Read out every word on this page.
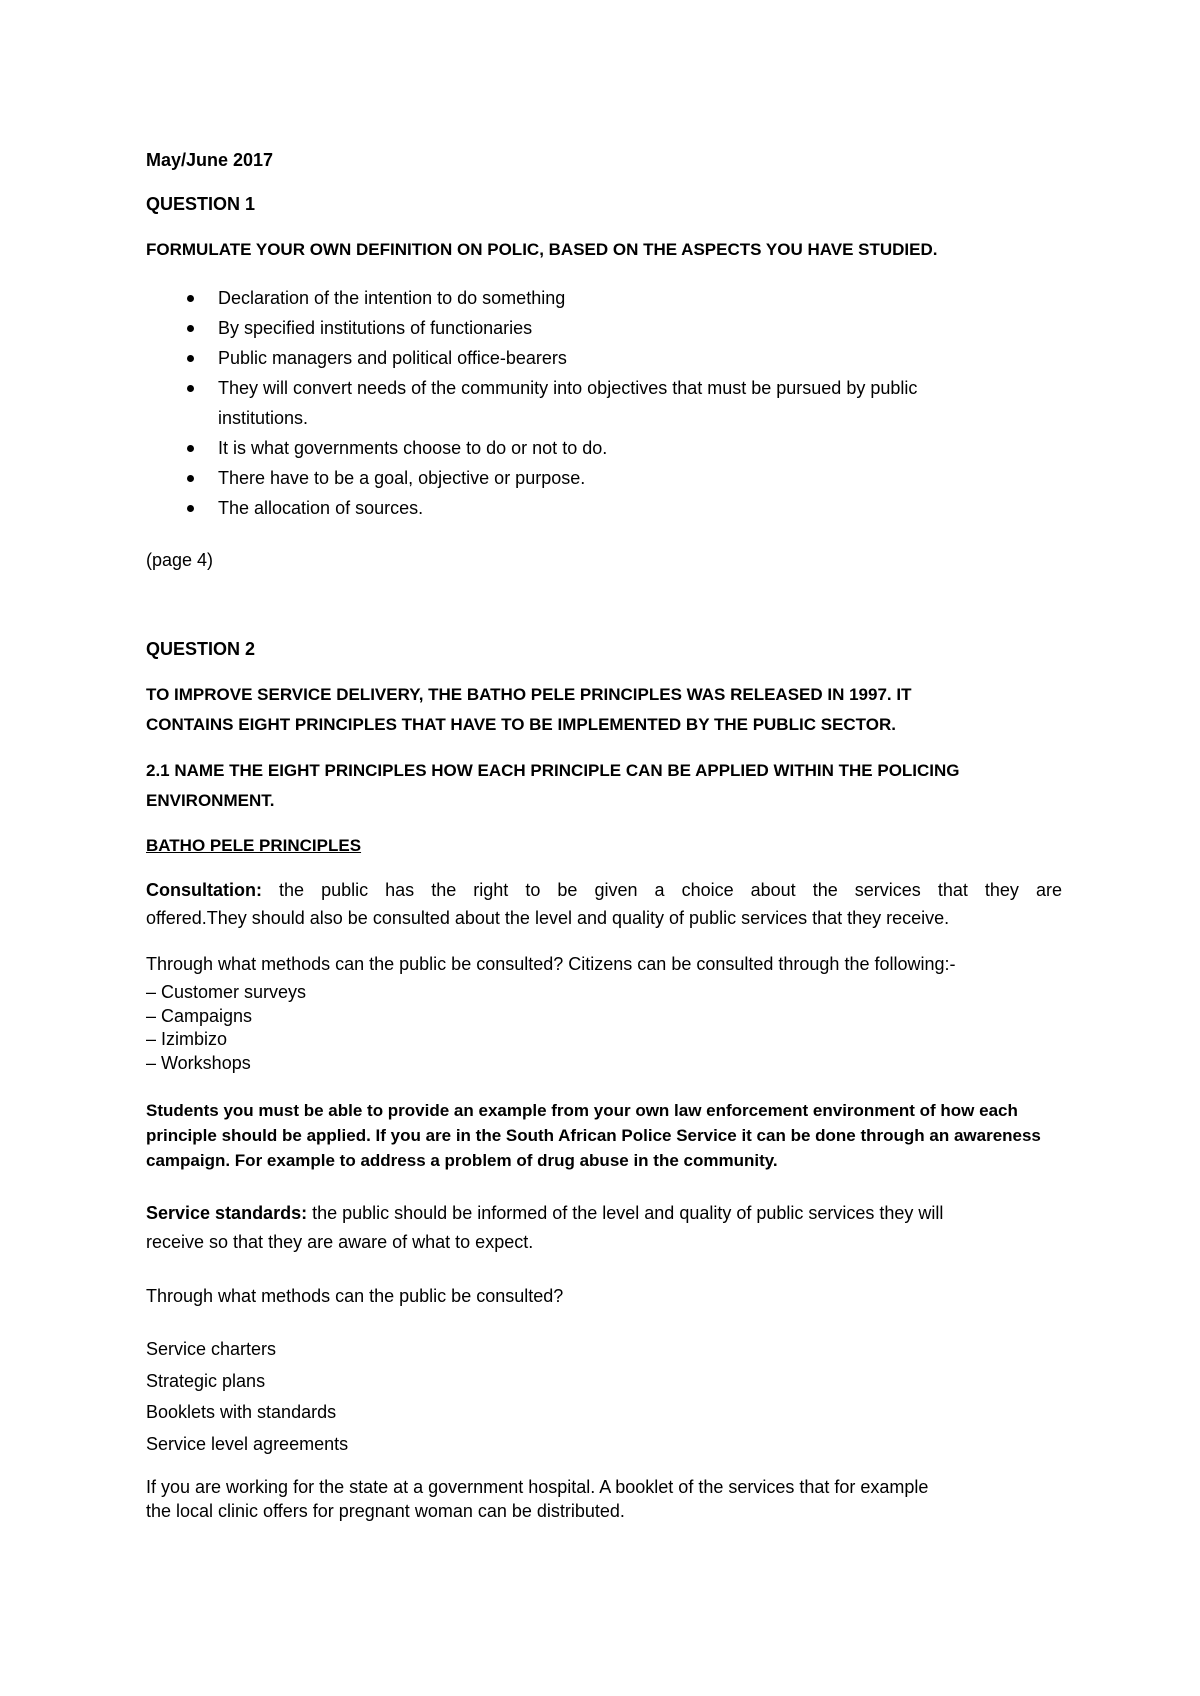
May/June 2017

QUESTION 1

FORMULATE YOUR OWN DEFINITION ON POLIC, BASED ON THE ASPECTS YOU HAVE STUDIED.

Declaration of the intention to do something
By specified institutions of functionaries
Public managers and political office-bearers
They will convert needs of the community into objectives that must be pursued by public
institutions.
It is what governments choose to do or not to do.
There have to be a goal, objective or purpose.
The allocation of sources.

(page 4)

QUESTION 2

TO IMPROVE SERVICE DELIVERY, THE BATHO PELE PRINCIPLES WAS RELEASED IN 1997. IT

CONTAINS EIGHT PRINCIPLES THAT HAVE TO BE IMPLEMENTED BY THE PUBLIC SECTOR.

2.1 NAME THE EIGHT PRINCIPLES HOW EACH PRINCIPLE CAN BE APPLIED WITHIN THE POLICING

ENVIRONMENT.

BATHO PELE PRINCIPLES

Consultation: the public has the right to be given a choice about the services that they are
offered.They should also be consulted about the level and quality of public services that they receive.

Through what methods can the public be consulted? Citizens can be consulted through the following:-

– Customer surveys
– Campaigns
– Izimbizo
– Workshops
Students you must be able to provide an example from your own law enforcement environment of how each
principle should be applied. If you are in the South African Police Service it can be done through an awareness
campaign. For example to address a problem of drug abuse in the community.
Service standards: the public should be informed of the level and quality of public services they will
receive so that they are aware of what to expect.

Through what methods can the public be consulted?

Service charters
Strategic plans
Booklets with standards
Service level agreements
If you are working for the state at a government hospital. A booklet of the services that for example
the local clinic offers for pregnant woman can be distributed.
